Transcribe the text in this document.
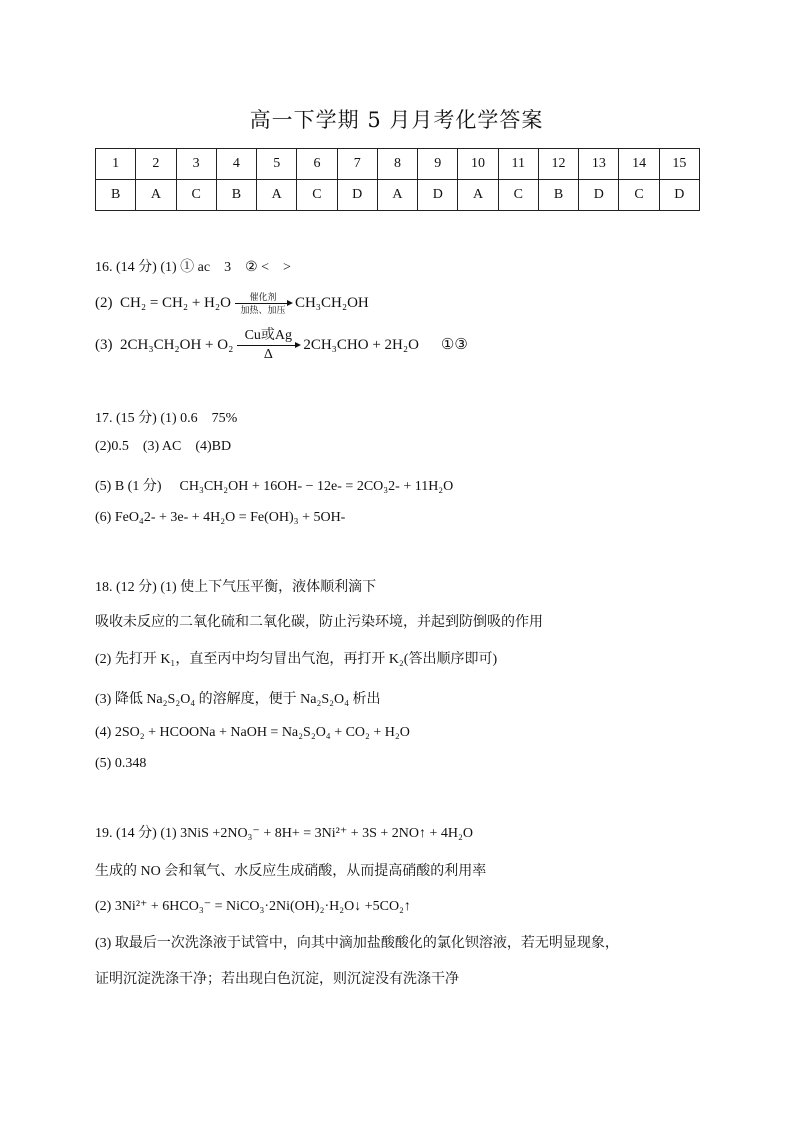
高一下学期 5 月月考化学答案
1	2	3	4	5	6	7	8	9	10	11	12	13	14	15
B	A	C	B	A	C	D	A	D	A	C	B	D	C	D
16. (14 分) (1) ① ac 3 ② < >
(2) CH₂ = CH₂ + H₂O	催化剂
加热、加压 CH₃CH₂OH
(3) 2CH₃CH₂OH + O₂
Cu或Ag
Δ
2CH₃CHO + 2H₂O ①③
17. (15 分) (1) 0.6 75%
(2)0.5 (3) AC (4)BD
(5) B (1 分) CH₃CH₂OH + 16OH- − 12e- = 2CO₃2- + 11H₂O
(6) FeO₄2- + 3e- + 4H₂O = Fe(OH)₃ + 5OH-
18. (12 分) (1) 使上下气压平衡，液体顺利滴下
吸收未反应的二氧化硫和二氧化碳，防止污染环境，并起到防倒吸的作用
(2) 先打开 K₁，直至丙中均匀冒出气泡，再打开 K₂(答出顺序即可)
(3) 降低 Na₂S₂O₄ 的溶解度，便于 Na₂S₂O₄ 析出
(4) 2SO₂ + HCOONa + NaOH = Na₂S₂O₄ + CO₂ + H₂O
(5) 0.348
19. (14 分) (1) 3NiS +2NO₃⁻ + 8H+ = 3Ni²⁺ + 3S + 2NO↑ + 4H₂O
生成的 NO 会和氧气、水反应生成硝酸，从而提高硝酸的利用率
(2) 3Ni²⁺ + 6HCO₃⁻ = NiCO₃·2Ni(OH)₂·H₂O↓ +5CO₂↑
(3) 取最后一次洗涤液于试管中，向其中滴加盐酸酸化的氯化钡溶液，若无明显现象，
证明沉淀洗涤干净；若出现白色沉淀，则沉淀没有洗涤干净
